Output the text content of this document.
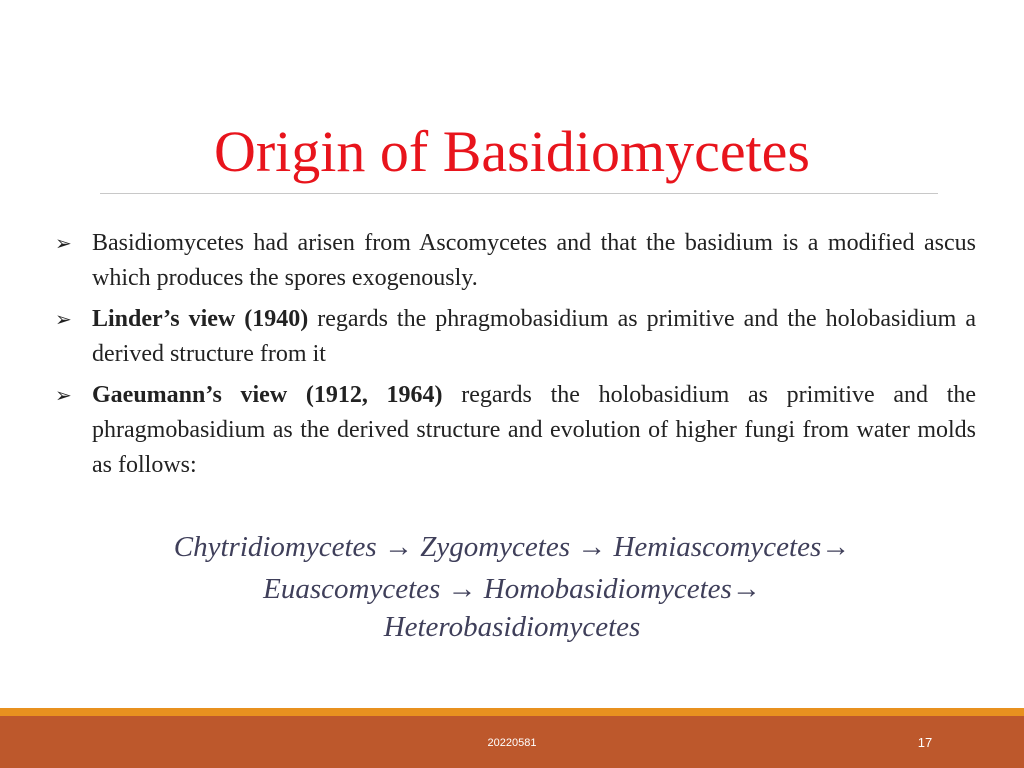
Origin of Basidiomycetes
➢ Basidiomycetes had arisen from Ascomycetes and that the basidium is a modified ascus which produces the spores exogenously.
➢ Linder’s view (1940) regards the phragmobasidium as primitive and the holobasidium a derived structure from it
➢ Gaeumann’s view (1912, 1964) regards the holobasidium as primitive and the phragmobasidium as the derived structure and evolution of higher fungi from water molds as follows:
Chytridiomycetes → Zygomycetes → Hemiascomycetes→
Euascomycetes → Homobasidiomycetes→
Heterobasidiomycetes
20220581	17
